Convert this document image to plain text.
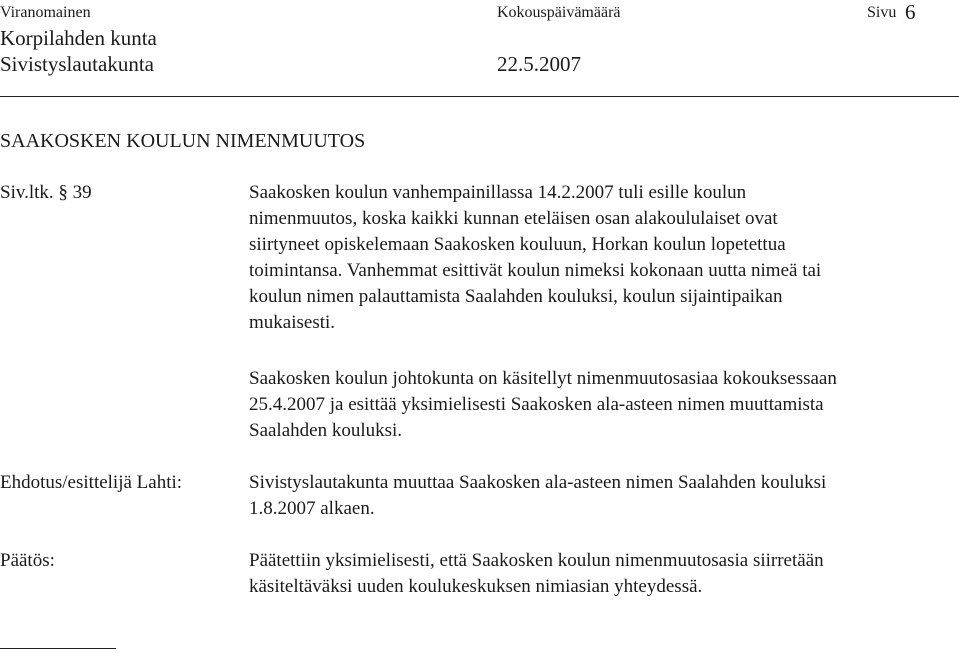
Viranomainen	Kokouspäivämäärä	Sivu 6
Korpilahden kunta
Sivistyslautakunta	22.5.2007
SAAKOSKEN KOULUN NIMENMUUTOS
Siv.ltk. § 39	Saakosken koulun vanhempainillassa 14.2.2007 tuli esille koulun
nimenmuutos, koska kaikki kunnan eteläisen osan alakoululaiset ovat
siirtyneet opiskelemaan Saakosken kouluun, Horkan koulun lopetettua
toimintansa. Vanhemmat esittivät koulun nimeksi kokonaan uutta nimeä tai
koulun nimen palauttamista Saalahden kouluksi, koulun sijaintipaikan
mukaisesti.
Saakosken koulun johtokunta on käsitellyt nimenmuutosasiaa kokouksessaan
25.4.2007 ja esittää yksimielisesti Saakosken ala-asteen nimen muuttamista
Saalahden kouluksi.
Ehdotus/esittelijä Lahti:	Sivistyslautakunta muuttaa Saakosken ala-asteen nimen Saalahden kouluksi
1.8.2007 alkaen.
Päätös:	Päätettiin yksimielisesti, että Saakosken koulun nimenmuutosasia siirretään
käsiteltäväksi uuden koulukeskuksen nimiasian yhteydessä.
